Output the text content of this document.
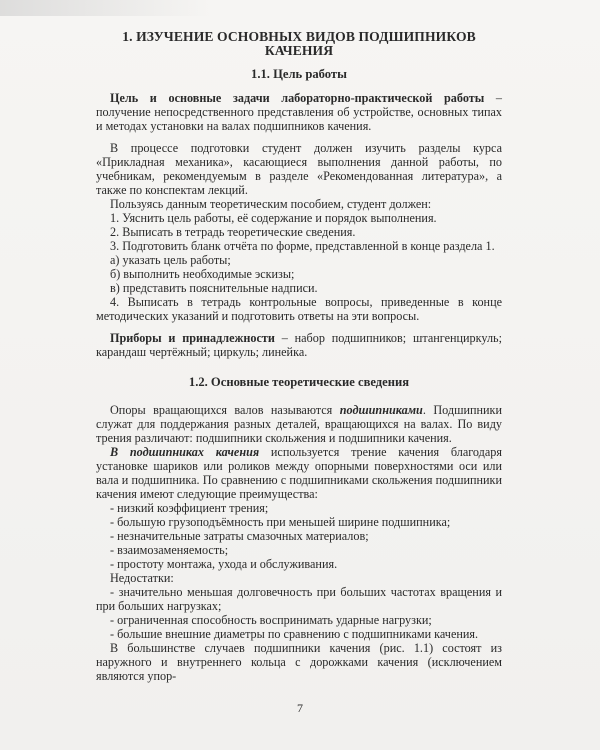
1. ИЗУЧЕНИЕ ОСНОВНЫХ ВИДОВ ПОДШИПНИКОВ КАЧЕНИЯ
1.1. Цель работы

Цель и основные задачи лабораторно-практической работы – получение непосредственного представления об устройстве, основных типах и методах установки на валах подшипников качения.

В процессе подготовки студент должен изучить разделы курса «Прикладная механика», касающиеся выполнения данной работы, по учебникам, рекомендуемым в разделе «Рекомендованная литература», а также по конспектам лекций.

Пользуясь данным теоретическим пособием, студент должен:

1. Уяснить цель работы, её содержание и порядок выполнения.

2. Выписать в тетрадь теоретические сведения.

3. Подготовить бланк отчёта по форме, представленной в конце раздела 1.

а) указать цель работы;

б) выполнить необходимые эскизы;

в) представить пояснительные надписи.

4. Выписать в тетрадь контрольные вопросы, приведенные в конце методических указаний и подготовить ответы на эти вопросы.

Приборы и принадлежности – набор подшипников; штангенциркуль; карандаш чертёжный; циркуль; линейка.

1.2. Основные теоретические сведения

Опоры вращающихся валов называются подшипниками. Подшипники служат для поддержания разных деталей, вращающихся на валах. По виду трения различают: подшипники скольжения и подшипники качения.

В подшипниках качения используется трение качения благодаря установке шариков или роликов между опорными поверхностями оси или вала и подшипника. По сравнению с подшипниками скольжения подшипники качения имеют следующие преимущества:

- низкий коэффициент трения;

- большую грузоподъёмность при меньшей ширине подшипника;

- незначительные затраты смазочных материалов;

- взаимозаменяемость;

- простоту монтажа, ухода и обслуживания.

Недостатки:

- значительно меньшая долговечность при больших частотах вращения и при больших нагрузках;

- ограниченная способность воспринимать ударные нагрузки;

- большие внешние диаметры по сравнению с подшипниками качения.

В большинстве случаев подшипники качения (рис. 1.1) состоят из наружного и внутреннего кольца с дорожками качения (исключением являются упор-

7
